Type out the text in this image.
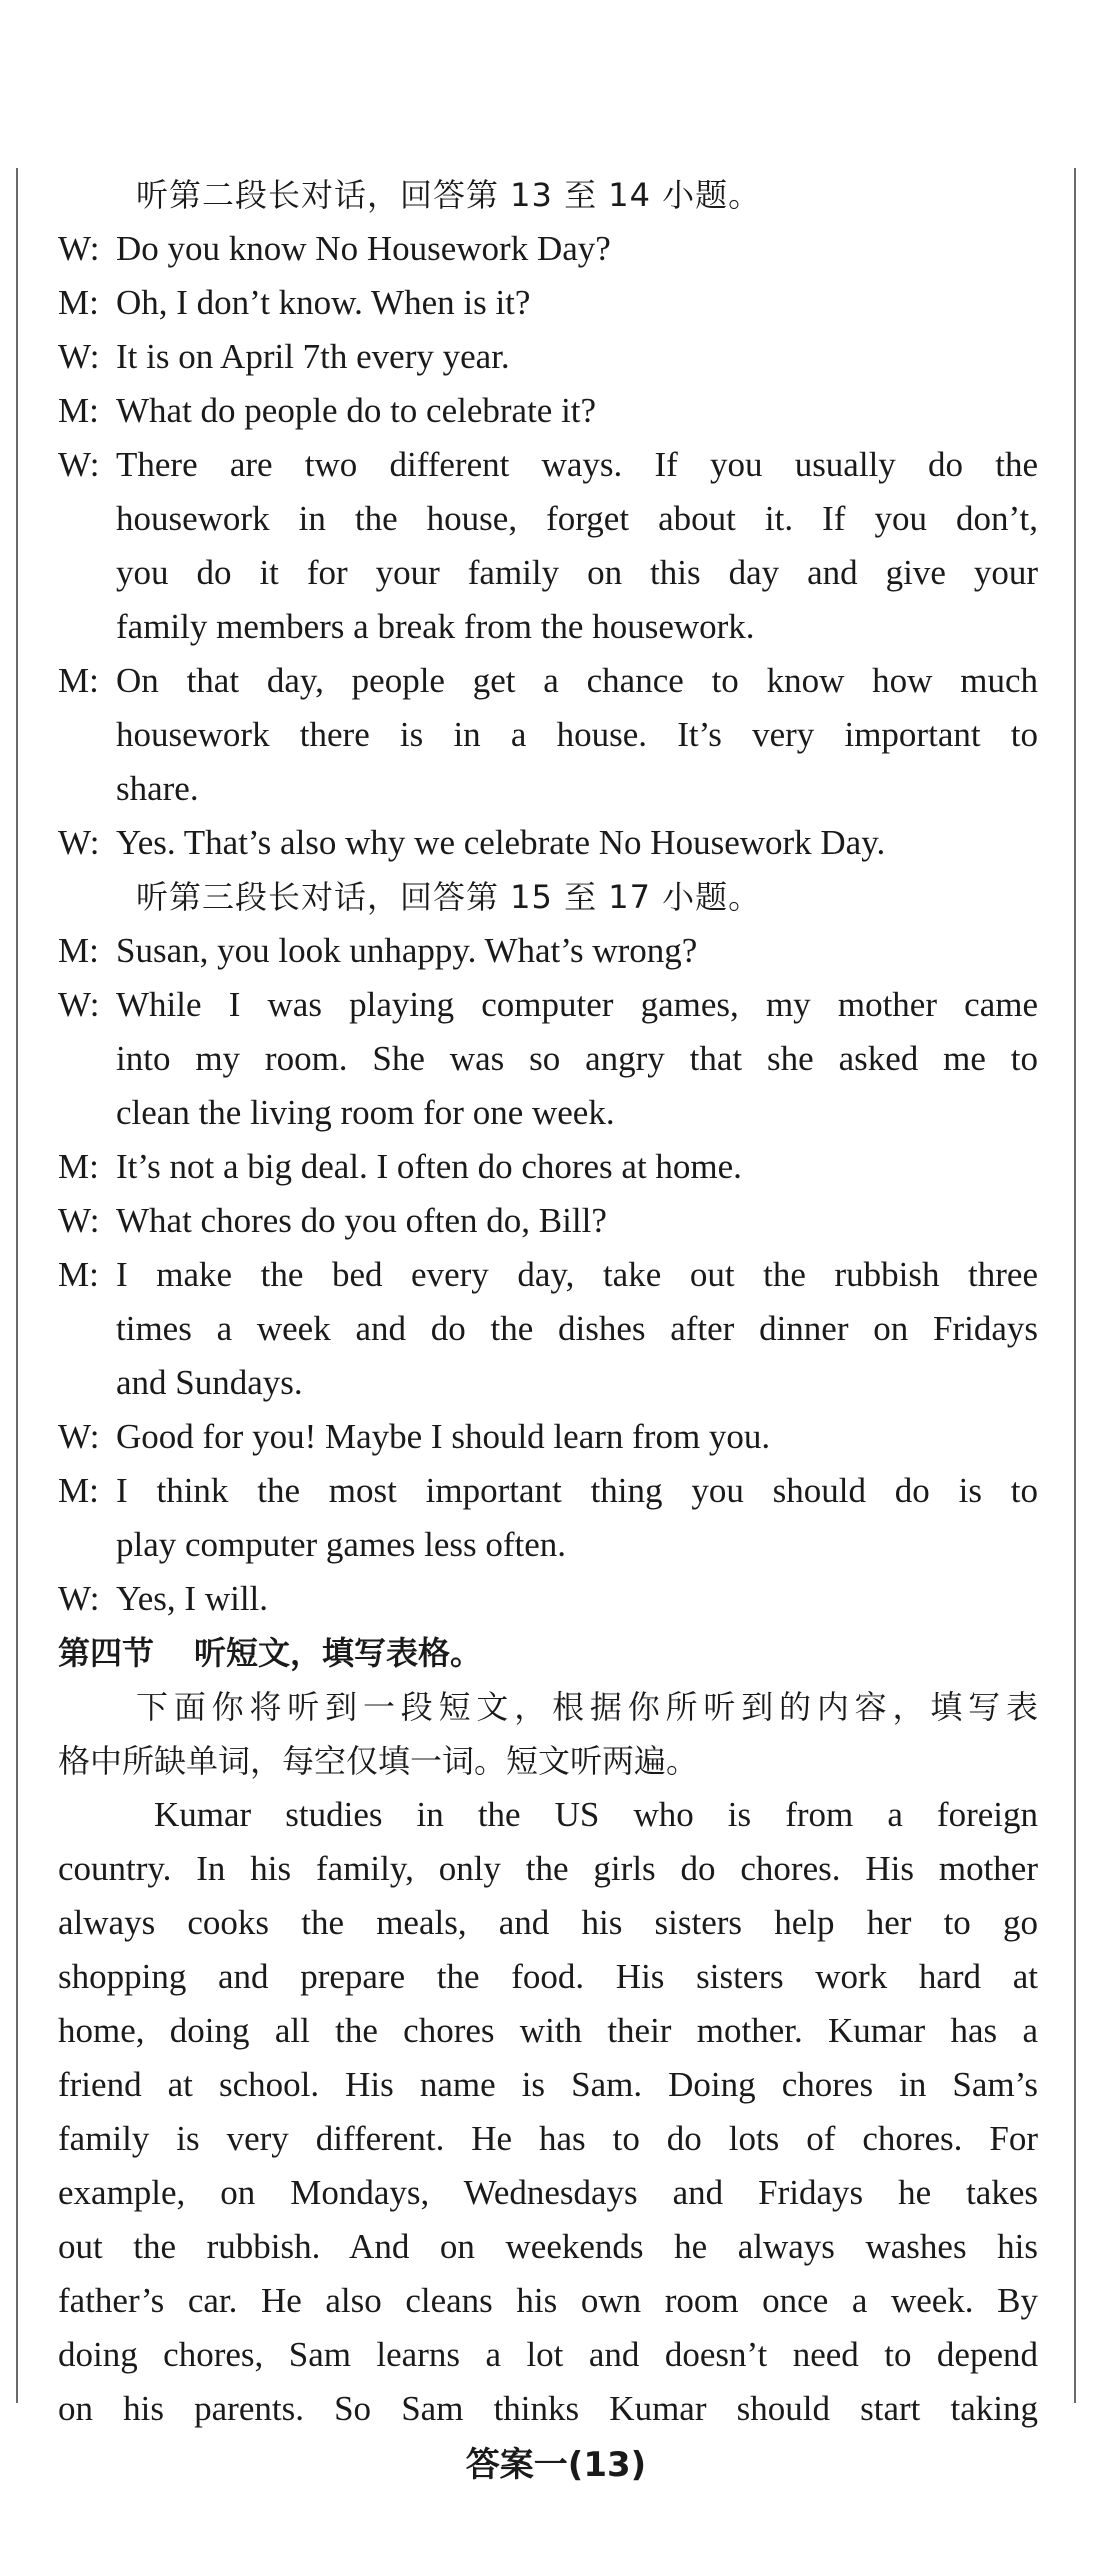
听第二段长对话，回答第 13 至 14 小题。
W: Do you know No Housework Day?
M: Oh, I don’t know. When is it?
W: It is on April 7th every year.
M: What do people do to celebrate it?
W: There are two different ways. If you usually do the
housework in the house, forget about it. If you don’t,
you do it for your family on this day and give your
family members a break from the housework.
M: On that day, people get a chance to know how much
housework there is in a house. It’s very important to
share.
W: Yes. That’s also why we celebrate No Housework Day.
听第三段长对话，回答第 15 至 17 小题。
M: Susan, you look unhappy. What’s wrong?
W: While I was playing computer games, my mother came
into my room. She was so angry that she asked me to
clean the living room for one week.
M: It’s not a big deal. I often do chores at home.
W: What chores do you often do, Bill?
M: I make the bed every day, take out the rubbish three
times a week and do the dishes after dinner on Fridays
and Sundays.
W: Good for you! Maybe I should learn from you.
M: I think the most important thing you should do is to
play computer games less often.
W: Yes, I will.
第四节 听短文，填写表格。
下面你将听到一段短文，根据你所听到的内容，填写表
格中所缺单词，每空仅填一词。短文听两遍。
Kumar studies in the US who is from a foreign
country. In his family, only the girls do chores. His mother
always cooks the meals, and his sisters help her to go
shopping and prepare the food. His sisters work hard at
home, doing all the chores with their mother. Kumar has a
friend at school. His name is Sam. Doing chores in Sam’s
family is very different. He has to do lots of chores. For
example, on Mondays, Wednesdays and Fridays he takes
out the rubbish. And on weekends he always washes his
father’s car. He also cleans his own room once a week. By
doing chores, Sam learns a lot and doesn’t need to depend
on his parents. So Sam thinks Kumar should start taking
答案一(13)
